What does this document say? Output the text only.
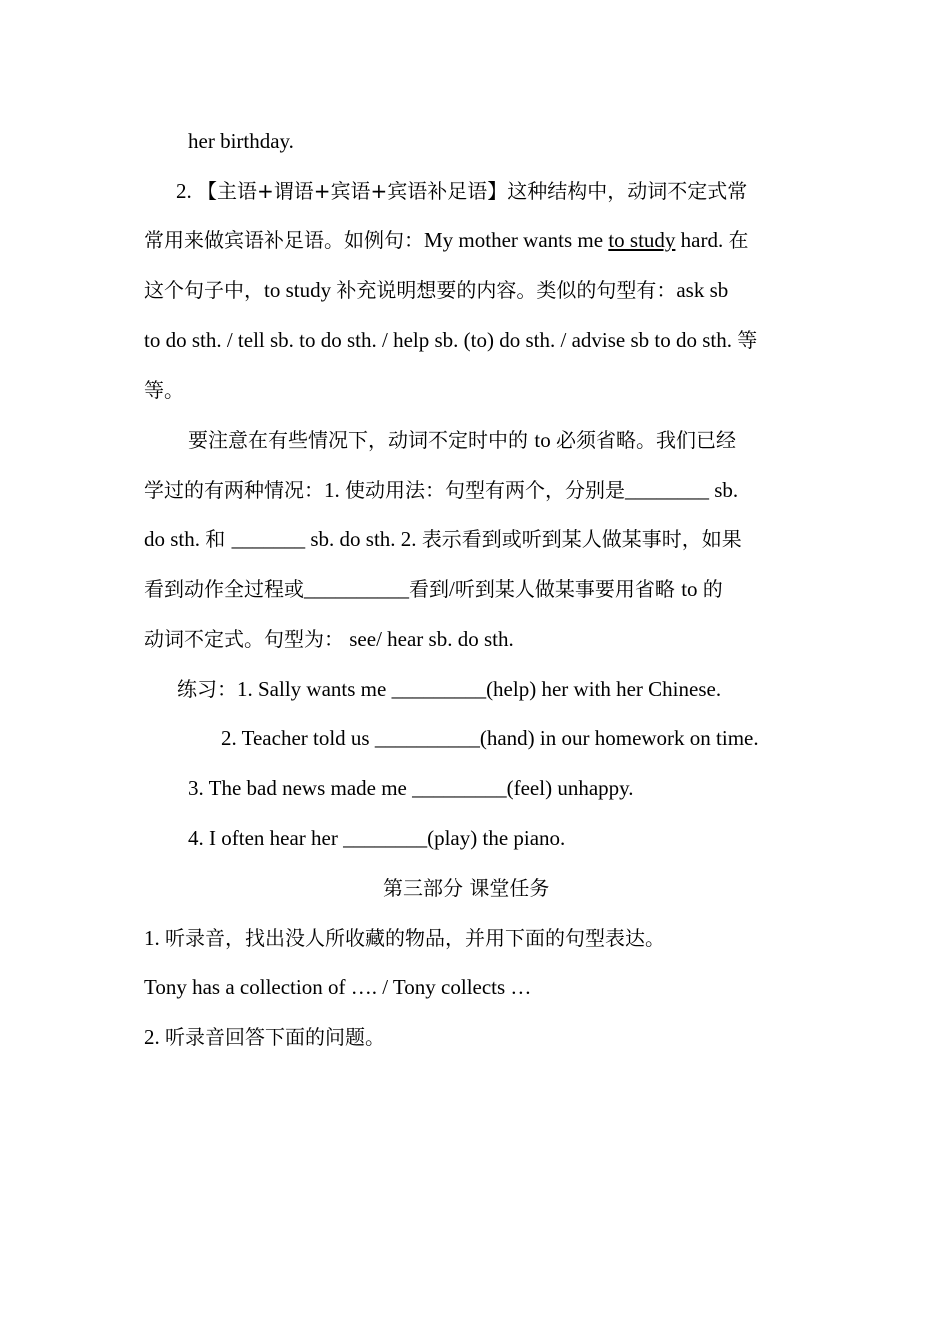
her birthday.
2. 【主语+谓语+宾语+宾语补足语】这种结构中，动词不定式常
常用来做宾语补足语。如例句：My mother wants me to study hard. 在
这个句子中，to study 补充说明想要的内容。类似的句型有：ask sb
to do sth. / tell sb. to do sth. / help sb. (to) do sth. / advise sb to do sth. 等
等。
要注意在有些情况下，动词不定时中的 to 必须省略。我们已经
学过的有两种情况：1. 使动用法：句型有两个，分别是________ sb.
do sth. 和 _______ sb. do sth. 2. 表示看到或听到某人做某事时，如果
看到动作全过程或__________看到/听到某人做某事要用省略 to 的
动词不定式。句型为： see/ hear sb. do sth.
练习：1. Sally wants me _________(help) her with her Chinese.
2. Teacher told us __________(hand) in our homework on time.
3. The bad news made me _________(feel) unhappy.
4. I often hear her ________(play) the piano.
第三部分 课堂任务
1. 听录音，找出没人所收藏的物品，并用下面的句型表达。
Tony has a collection of …. / Tony collects …
2. 听录音回答下面的问题。
